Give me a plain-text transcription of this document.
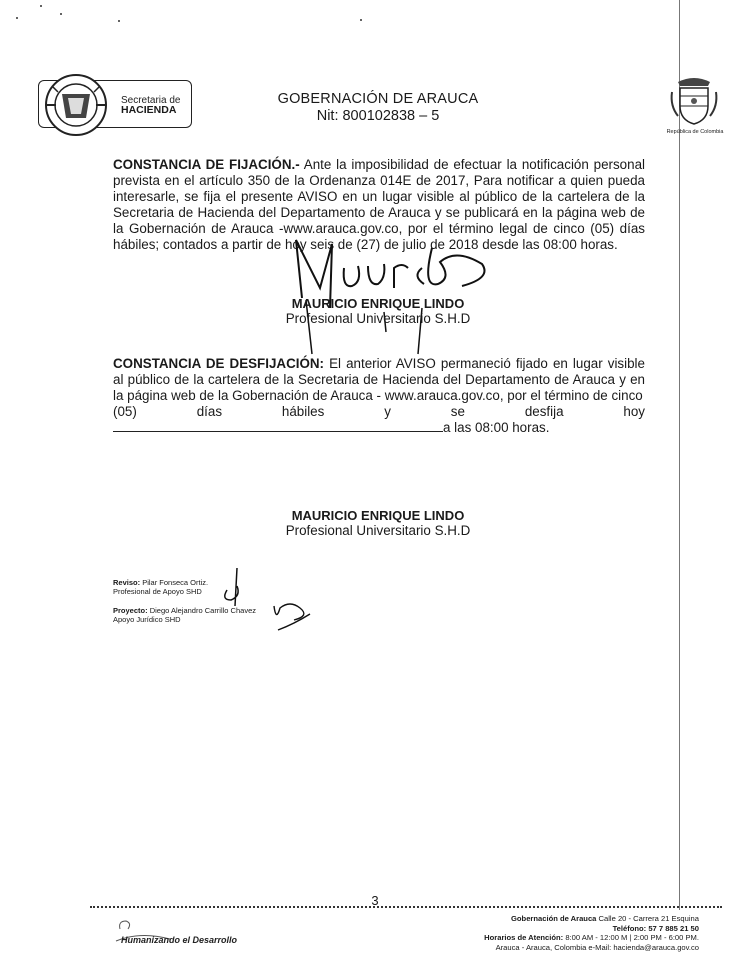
Secretaria de
HACIENDA
GOBERNACIÓN DE ARAUCA
Nit: 800102838 – 5
República de Colombia
CONSTANCIA DE FIJACIÓN.- Ante la imposibilidad de efectuar la notificación personal prevista en el artículo 350 de la Ordenanza 014E de 2017, Para notificar a quien pueda interesarle, se fija el presente AVISO en un lugar visible al público de la cartelera de la Secretaria de Hacienda del Departamento de Arauca y se publicará en la página web de la Gobernación de Arauca -www.arauca.gov.co, por el término legal de cinco (05) días hábiles; contados a partir de hoy seis de (27) de julio de 2018 desde las 08:00 horas.
MAURICIO ENRIQUE LINDO
Profesional Universitario S.H.D
CONSTANCIA DE DESFIJACIÓN: El anterior AVISO permaneció fijado en lugar visible al público de la cartelera de la Secretaria de Hacienda del Departamento de Arauca y en la página web de la Gobernación de Arauca - www.arauca.gov.co, por el término de cinco
(05)	días	hábiles	y	se	desfija	hoy
a las 08:00 horas.
MAURICIO ENRIQUE LINDO
Profesional Universitario S.H.D
Reviso: Pilar Fonseca Ortiz.
Profesional de Apoyo SHD
Proyecto: Diego Alejandro Carrillo Chavez
Apoyo Jurídico SHD
3
Humanizando el Desarrollo
Gobernación de Arauca Calle 20 - Carrera 21 Esquina
Teléfono: 57 7 885 21 50
Horarios de Atención: 8:00 AM - 12:00 M | 2:00 PM - 6:00 PM.
Arauca - Arauca, Colombia e-Mail: hacienda@arauca.gov.co
